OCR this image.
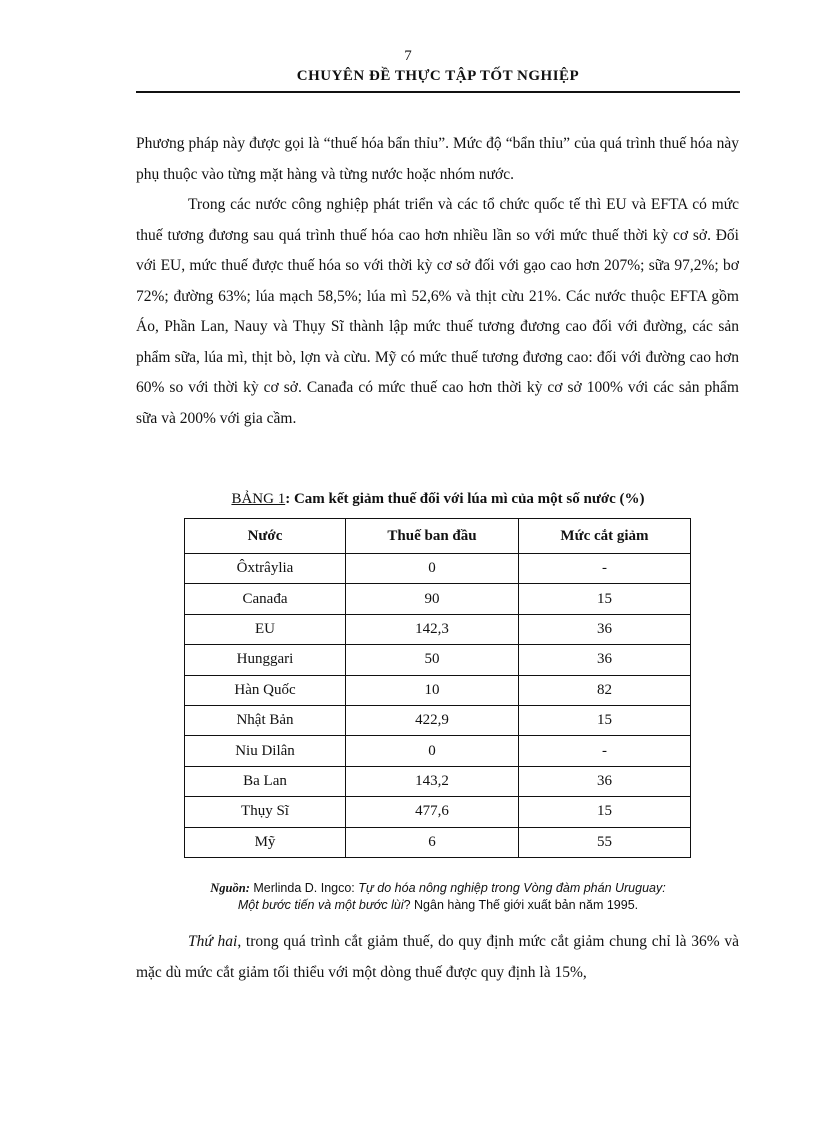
7
CHUYÊN ĐỀ THỰC TẬP TỐT NGHIỆP

Phương pháp này được gọi là “thuế hóa bẩn thỉu”. Mức độ “bẩn thỉu” của quá trình thuế hóa này phụ thuộc vào từng mặt hàng và từng nước hoặc nhóm nước.

Trong các nước công nghiệp phát triển và các tổ chức quốc tế thì EU và EFTA có mức thuế tương đương sau quá trình thuế hóa cao hơn nhiều lần so với mức thuế thời kỳ cơ sở. Đối với EU, mức thuế được thuế hóa so với thời kỳ cơ sở đối với gạo cao hơn 207%; sữa 97,2%; bơ 72%; đường 63%; lúa mạch 58,5%; lúa mì 52,6% và thịt cừu 21%. Các nước thuộc EFTA gồm Áo, Phần Lan, Nauy và Thụy Sĩ thành lập mức thuế tương đương cao đối với đường, các sản phẩm sữa, lúa mì, thịt bò, lợn và cừu. Mỹ có mức thuế tương đương cao: đối với đường cao hơn 60% so với thời kỳ cơ sở. Canađa có mức thuế cao hơn thời kỳ cơ sở 100% với các sản phẩm sữa và 200% với gia cầm.

BẢNG 1: Cam kết giảm thuế đối với lúa mì của một số nước (%)
Nước	Thuế ban đầu	Mức cắt giảm
Ôxtrâylia	0	-
Canađa	90	15
EU	142,3	36
Hunggari	50	36
Hàn Quốc	10	82
Nhật Bản	422,9	15
Niu Dilân	0	-
Ba Lan	143,2	36
Thụy Sĩ	477,6	15
Mỹ	6	55
Nguồn: Merlinda D. Ingco: Tự do hóa nông nghiệp trong Vòng đàm phán Uruguay:
Một bước tiến và một bước lùi? Ngân hàng Thế giới xuất bản năm 1995.

Thứ hai, trong quá trình cắt giảm thuế, do quy định mức cắt giảm chung chỉ là 36% và mặc dù mức cắt giảm tối thiểu với một dòng thuế được quy định là 15%,
